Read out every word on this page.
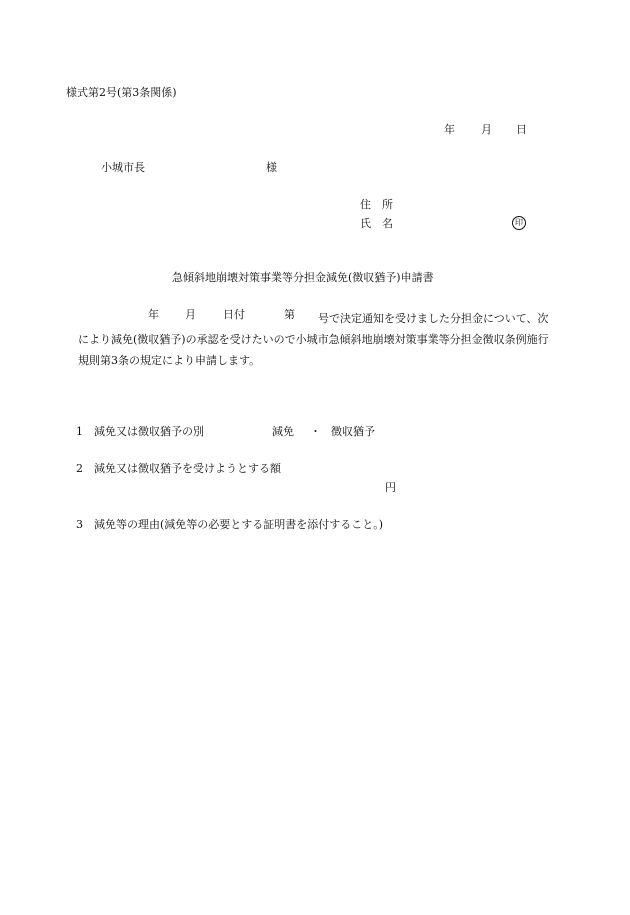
様式第2号(第3条関係)
年 月 日
小城市長	様
住　所
氏　名	印
急傾斜地崩壊対策事業等分担金減免(徴収猶予)申請書
年 月 日付	第	号で決定通知を受けました分担金について、次により減免(徴収猶予)の承認を受けたいので小城市急傾斜地崩壊対策事業等分担金徴収条例施行規則第3条の規定により申請します。
1 減免又は徴収猶予の別	減免 ・ 徴収猶予
2 減免又は徴収猶予を受けようとする額
円
3 減免等の理由(減免等の必要とする証明書を添付すること。)
